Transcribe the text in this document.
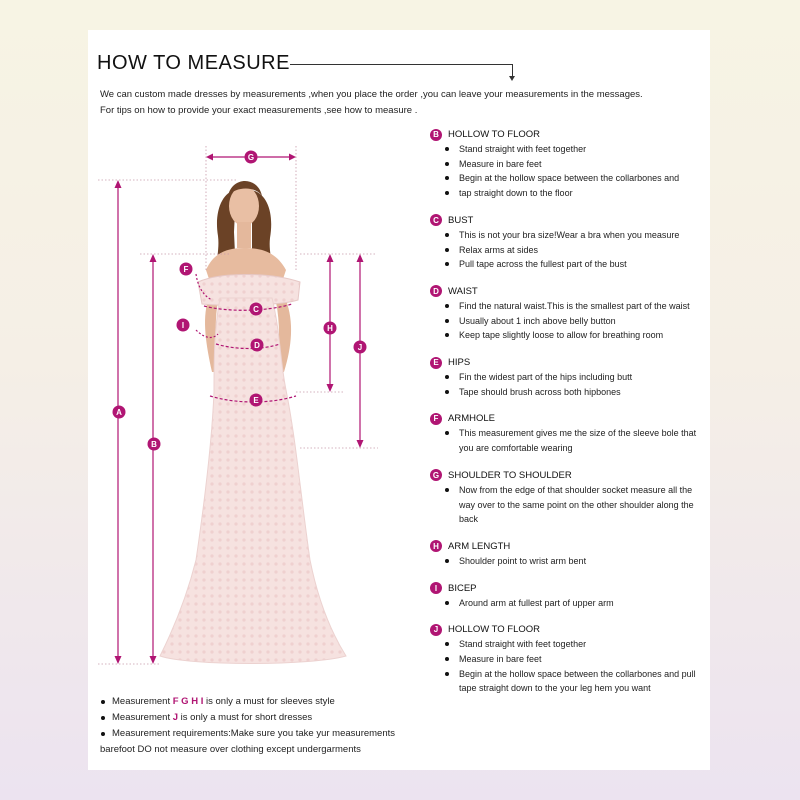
HOW TO MEASURE
We can custom made dresses by measurements ,when you place the order ,you can leave your measurements in the messages.
For tips on how to provide your exact measurements ,see how to measure .
A
B
C
D
E
F
G
H
I
J
B HOLLOW TO FLOOR
Stand straight with feet together
Measure in bare feet
Begin at the hollow space between the collarbones and
tap straight down to the floor
C BUST
This is not your bra size!Wear a bra when you measure
Relax arms at sides
Pull tape across the fullest part of the bust
D WAIST
Find the natural waist.This is the smallest part of the waist
Usually about 1 inch above belly button
Keep tape slightly loose to allow for breathing room
E HIPS
Fin the widest part of the hips including butt
Tape should brush across both hipbones
F	ARMHOLE
This measurement gives me the size of the sleeve bole that
you are comfortable wearing
G SHOULDER TO SHOULDER
Now from the edge of that shoulder socket measure all the
way over to the same point on the other shoulder along the
back
H ARM LENGTH
Shoulder point to wrist arm bent
I	BICEP
Around arm at fullest part of upper arm
J	HOLLOW TO FLOOR
Stand straight with feet together
Measure in bare feet
Begin at the hollow space between the collarbones and pull
tape straight down to the your leg hem you want
Measurement F G H I is only a must for sleeves style
Measurement J is only a must for short dresses
Measurement requirements:Make sure you take yur measurements
barefoot DO not measure over clothing except undergarments
